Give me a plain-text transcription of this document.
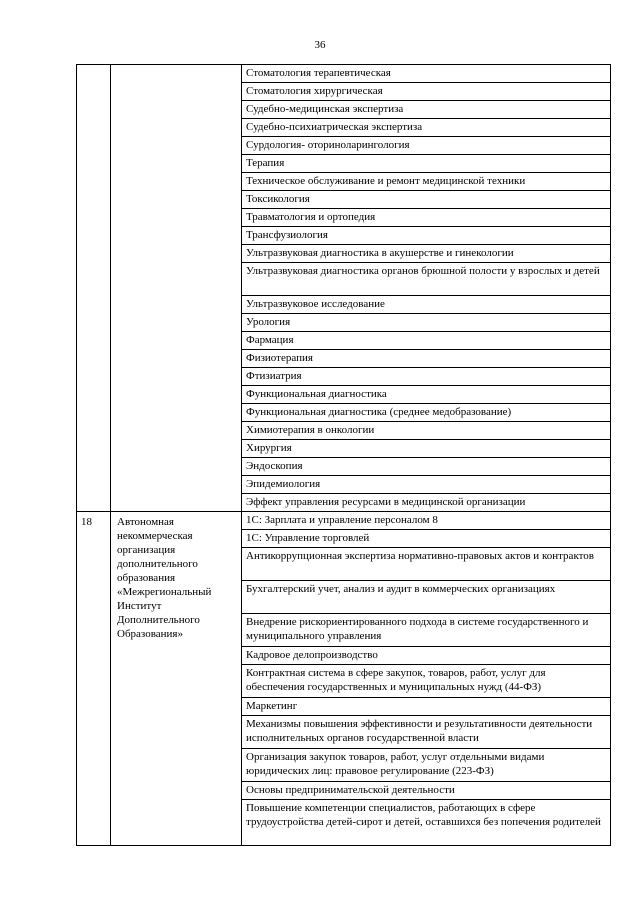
36
		Стоматология терапевтическая
		Стоматология хирургическая
		Судебно-медицинская экспертиза
		Судебно-психиатрическая экспертиза
		Сурдология- оториноларингология
		Терапия
		Техническое обслуживание и ремонт медицинской техники
		Токсикология
		Травматология и ортопедия
		Трансфузиология
		Ультразвуковая диагностика в акушерстве и гинекологии
		Ультразвуковая диагностика органов брюшной полости у взрослых и детей
		Ультразвуковое исследование
		Урология
		Фармация
		Физиотерапия
		Фтизиатрия
		Функциональная диагностика
		Функциональная диагностика (среднее медобразование)
		Химиотерапия в онкологии
		Хирургия
		Эндоскопия
		Эпидемиология
		Эффект управления ресурсами в медицинской организации
18	Автономная некоммерческая организация дополнительного образования «Межрегиональный Институт Дополнительного Образования»	1С: Зарплата и управление персоналом 8
		1С: Управление торговлей
		Антикоррупционная экспертиза нормативно-правовых актов и контрактов
		Бухгалтерский учет, анализ и аудит в коммерческих организациях
		Внедрение рискориентированного подхода в системе государственного и муниципального управления
		Кадровое делопроизводство
		Контрактная система в сфере закупок, товаров, работ, услуг для обеспечения государственных и муниципальных нужд (44-ФЗ)
		Маркетинг
		Механизмы повышения эффективности и результативности деятельности исполнительных органов государственной власти
		Организация закупок товаров, работ, услуг отдельными видами юридических лиц: правовое регулирование (223-ФЗ)
		Основы предпринимательской деятельности
		Повышение компетенции специалистов, работающих в сфере трудоустройства детей-сирот и детей, оставшихся без попечения родителей
